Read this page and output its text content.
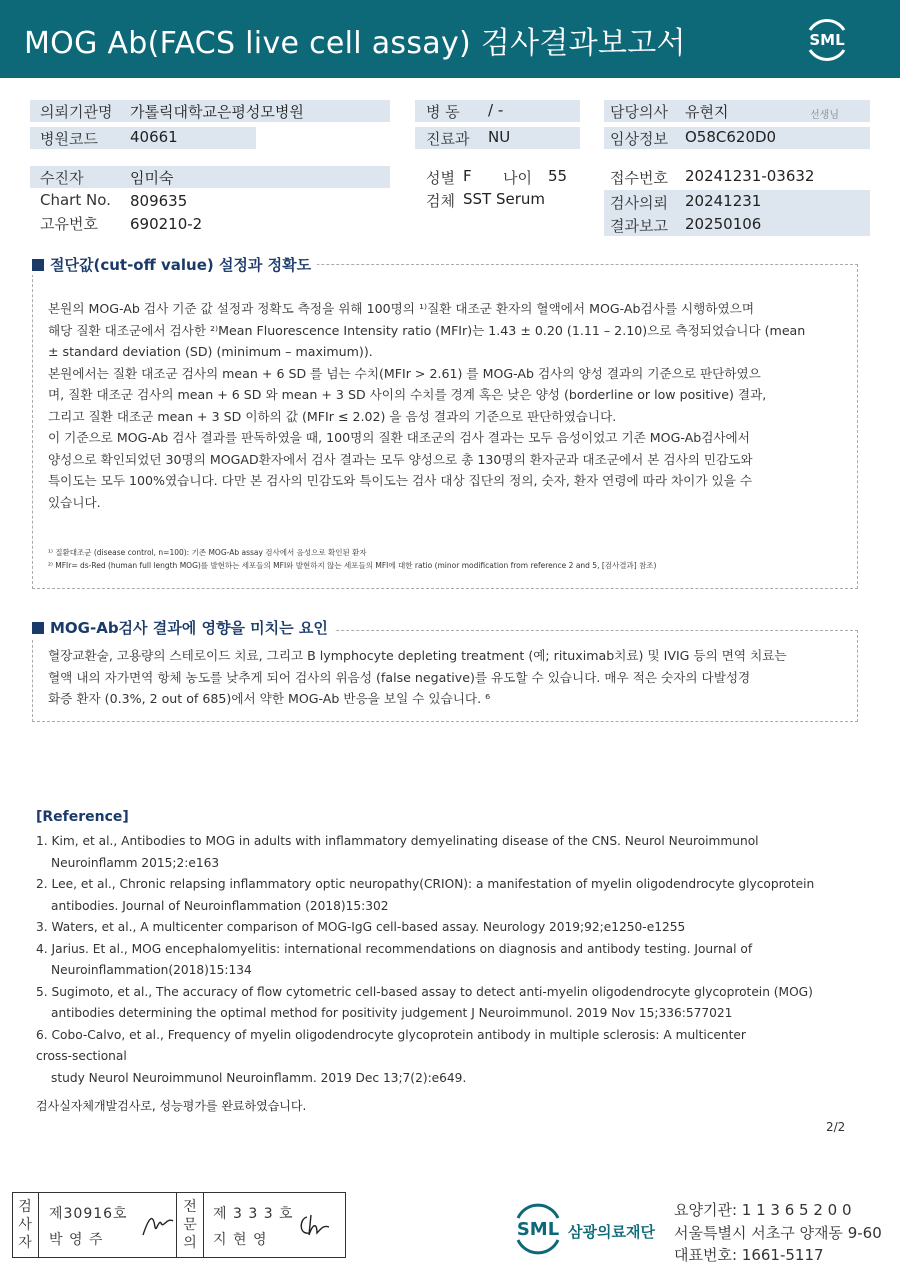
MOG Ab(FACS live cell assay) 검사결과보고서	SML
의뢰기관명 가톨릭대학교은평성모병원
병원코드 40661
병 동 / -
진료과 NU
담당의사 유현지	선생님
임상정보 O58C620D0
수진자	임미숙
Chart No. 809635
고유번호 690210-2
성별 F 나이 55
검체 SST Serum
접수번호 20241231-03632
검사의뢰 20241231
결과보고 20250106
절단값(cut-off value) 설정과 정확도
본원의 MOG-Ab 검사 기준 값 설정과 정확도 측정을 위해 100명의 ¹⁾질환 대조군 환자의 혈액에서 MOG-Ab검사를 시행하였으며
해당 질환 대조군에서 검사한 ²⁾Mean Fluorescence Intensity ratio (MFIr)는 1.43 ± 0.20 (1.11 – 2.10)으로 측정되었습니다 (mean
± standard deviation (SD) (minimum – maximum)).
본원에서는 질환 대조군 검사의 mean + 6 SD 를 넘는 수치(MFIr > 2.61) 를 MOG-Ab 검사의 양성 결과의 기준으로 판단하였으
며, 질환 대조군 검사의 mean + 6 SD 와 mean + 3 SD 사이의 수치를 경계 혹은 낮은 양성 (borderline or low positive) 결과,
그리고 질환 대조군 mean + 3 SD 이하의 값 (MFIr ≤ 2.02) 을 음성 결과의 기준으로 판단하였습니다.
이 기준으로 MOG-Ab 검사 결과를 판독하였을 때, 100명의 질환 대조군의 검사 결과는 모두 음성이었고 기존 MOG-Ab검사에서
양성으로 확인되었던 30명의 MOGAD환자에서 검사 결과는 모두 양성으로 총 130명의 환자군과 대조군에서 본 검사의 민감도와
특이도는 모두 100%였습니다. 다만 본 검사의 민감도와 특이도는 검사 대상 집단의 정의, 숫자, 환자 연령에 따라 차이가 있을 수
있습니다.
¹⁾ 질환대조군 (disease control, n=100): 기존 MOG-Ab assay 검사에서 음성으로 확인된 환자
²⁾ MFIr= ds-Red (human full length MOG)를 발현하는 세포들의 MFI와 발현하지 않는 세포들의 MFI에 대한 ratio (minor modification from reference 2 and 5, [검사결과] 참조)
MOG-Ab검사 결과에 영향을 미치는 요인
혈장교환술, 고용량의 스테로이드 치료, 그리고 B lymphocyte depleting treatment (예; rituximab치료) 및 IVIG 등의 면역 치료는
혈액 내의 자가면역 항체 농도를 낮추게 되어 검사의 위음성 (false negative)를 유도할 수 있습니다. 매우 적은 숫자의 다발성경
화증 환자 (0.3%, 2 out of 685)에서 약한 MOG-Ab 반응을 보일 수 있습니다. ⁶
[Reference]
1. Kim, et al., Antibodies to MOG in adults with inflammatory demyelinating disease of the CNS. Neurol Neuroimmunol
Neuroinflamm 2015;2:e163
2. Lee, et al., Chronic relapsing inflammatory optic neuropathy(CRION): a manifestation of myelin oligodendrocyte glycoprotein
antibodies. Journal of Neuroinflammation (2018)15:302
3. Waters, et al., A multicenter comparison of MOG-IgG cell-based assay. Neurology 2019;92;e1250-e1255
4. Jarius. Et al., MOG encephalomyelitis: international recommendations on diagnosis and antibody testing. Journal of
Neuroinflammation(2018)15:134
5. Sugimoto, et al., The accuracy of flow cytometric cell-based assay to detect anti-myelin oligodendrocyte glycoprotein (MOG)
antibodies determining the optimal method for positivity judgement J Neuroimmunol. 2019 Nov 15;336:577021
6. Cobo-Calvo, et al., Frequency of myelin oligodendrocyte glycoprotein antibody in multiple sclerosis: A multicenter
cross-sectional
study Neurol Neuroimmunol Neuroinflamm. 2019 Dec 13;7(2):e649.
검사실자체개발검사로, 성능평가를 완료하였습니다.
2/2
검
사
자
제30916호
박 영 주
전
문
의
제 3 3 3 호
지 현 영	SML 삼광의료재단
요양기관: 1 1 3 6 5 2 0 0
서울특별시 서초구 양재동 9-60
대표번호: 1661-5117
